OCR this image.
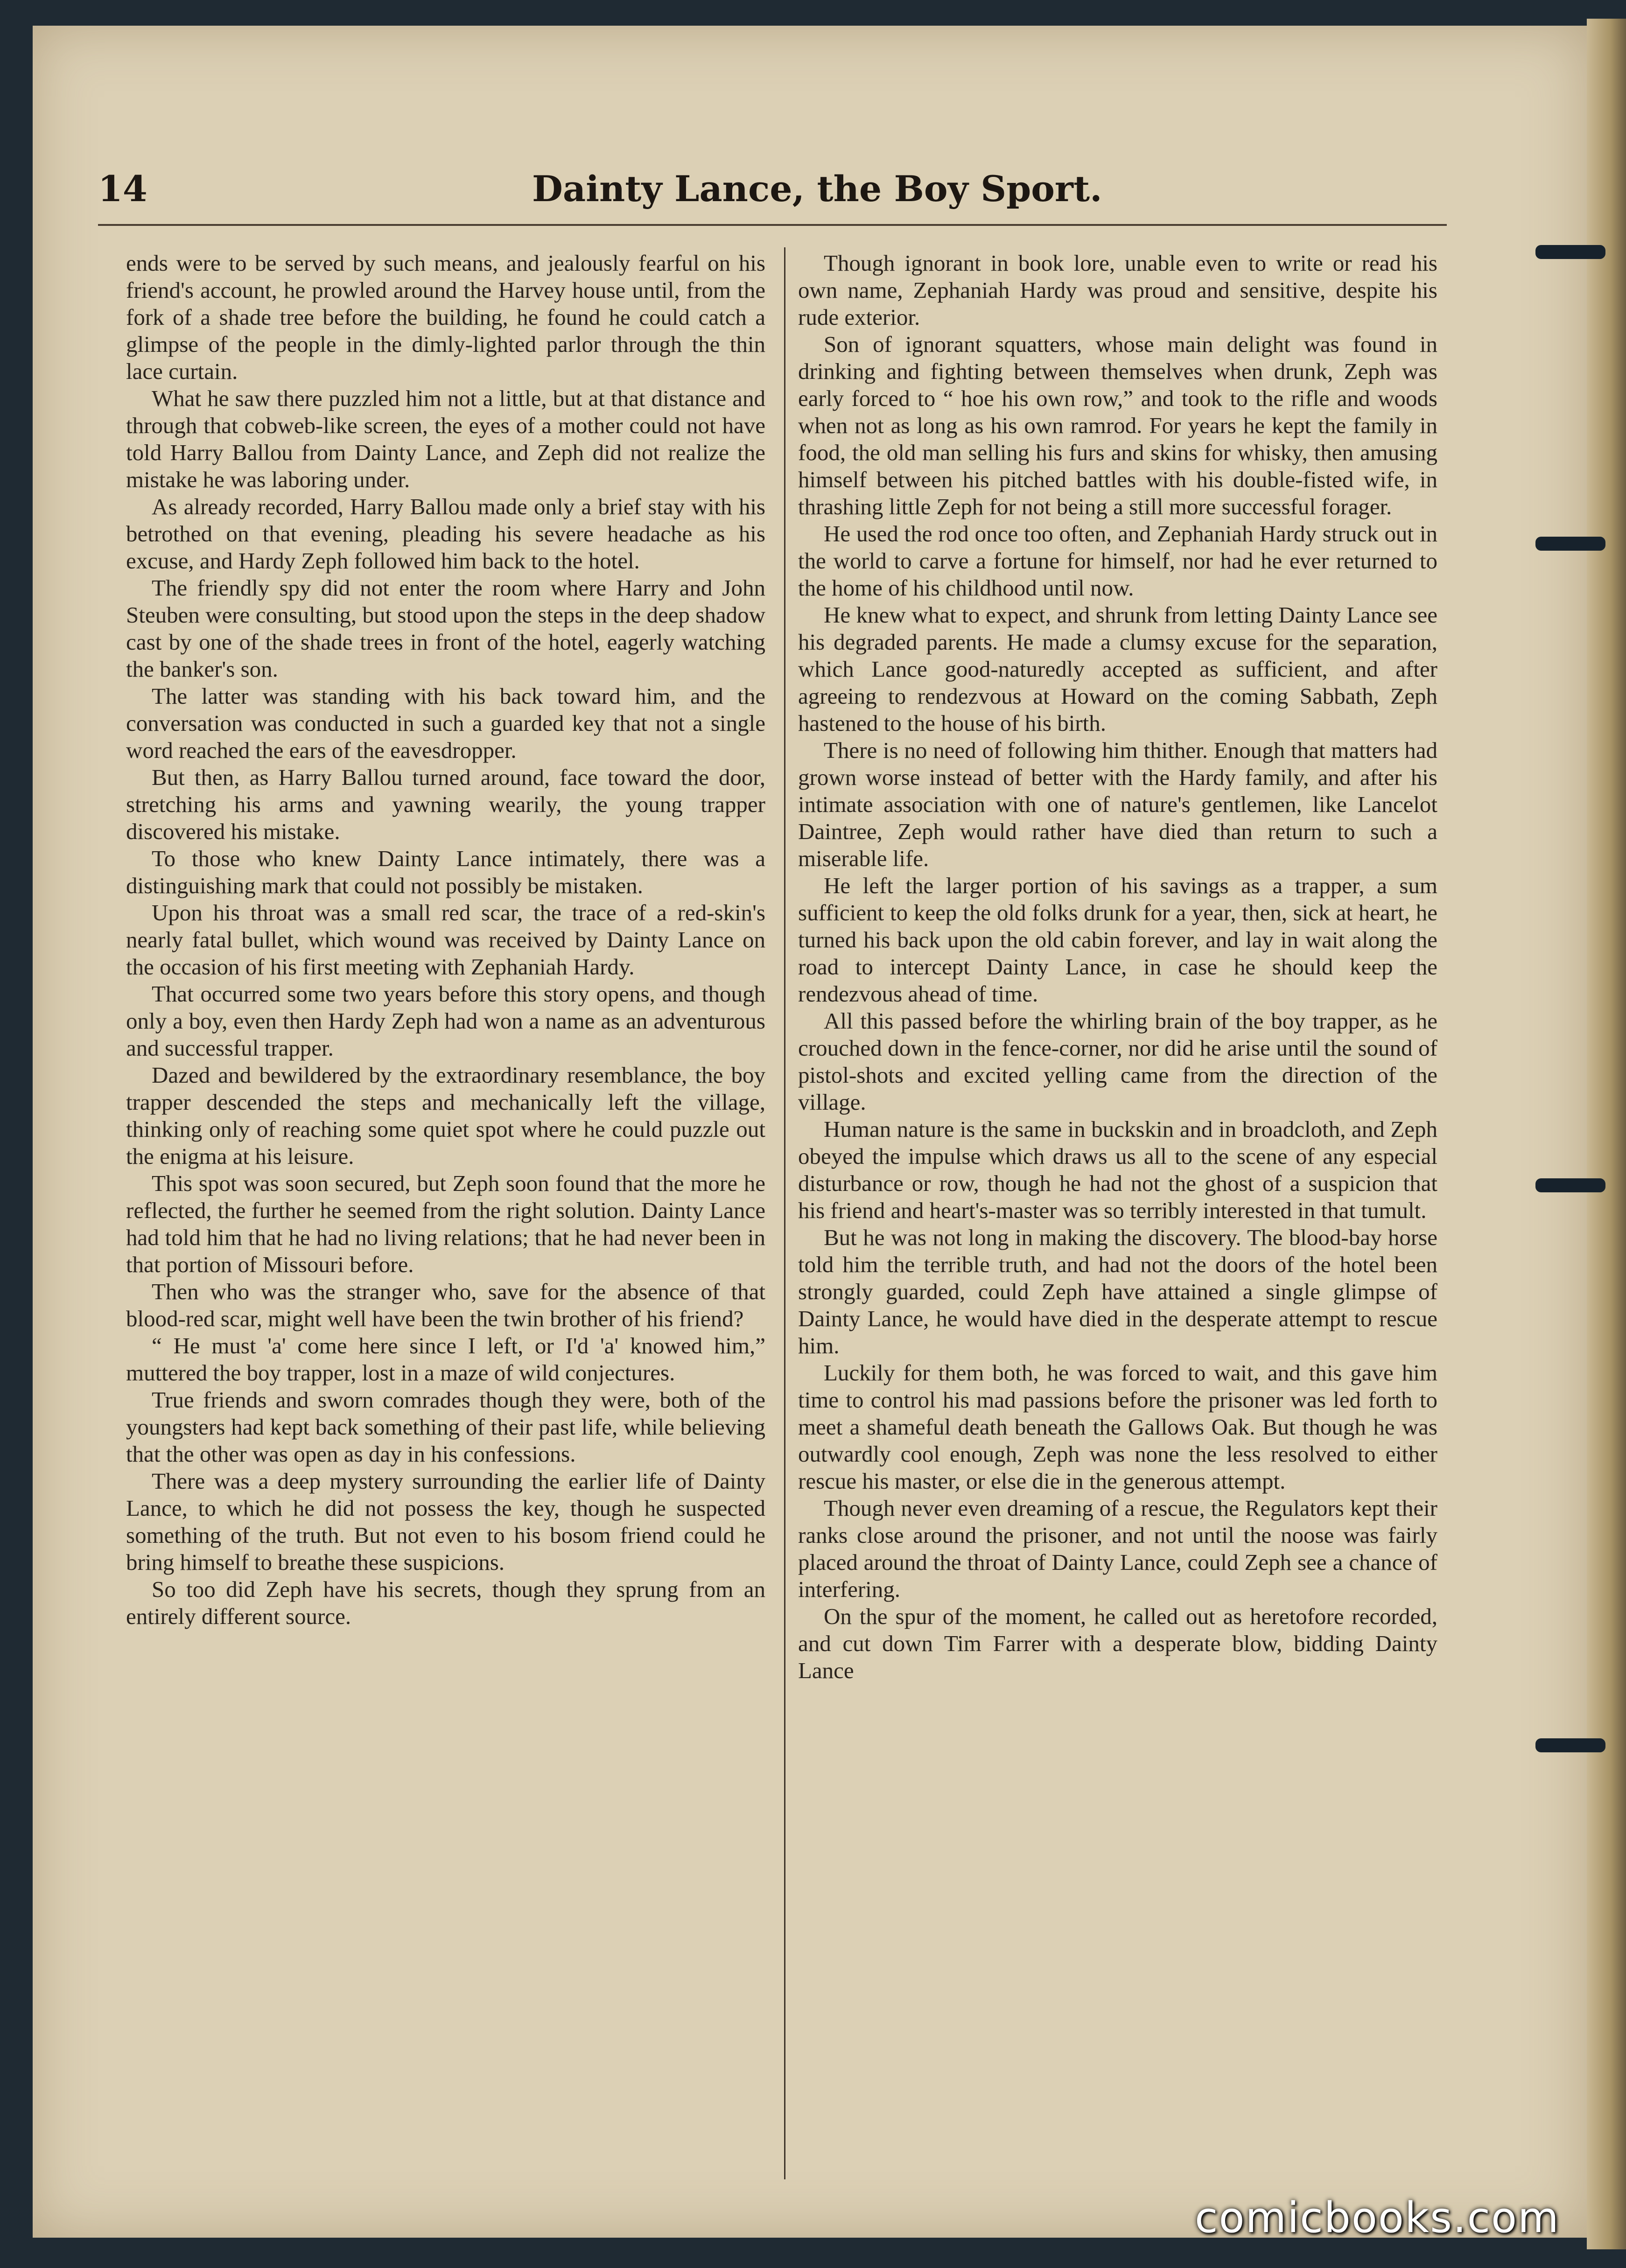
14	Dainty Lance, the Boy Sport.

ends were to be served by such means, and jealously fearful on his friend's account, he prowled around the Harvey house until, from the fork of a shade tree before the building, he found he could catch a glimpse of the people in the dimly-lighted parlor through the thin lace curtain.

What he saw there puzzled him not a little, but at that distance and through that cobweb-like screen, the eyes of a mother could not have told Harry Ballou from Dainty Lance, and Zeph did not realize the mistake he was laboring under.

As already recorded, Harry Ballou made only a brief stay with his betrothed on that evening, pleading his severe headache as his excuse, and Hardy Zeph followed him back to the hotel.

The friendly spy did not enter the room where Harry and John Steuben were consulting, but stood upon the steps in the deep shadow cast by one of the shade trees in front of the hotel, eagerly watching the banker's son.

The latter was standing with his back toward him, and the conversation was conducted in such a guarded key that not a single word reached the ears of the eavesdropper.

But then, as Harry Ballou turned around, face toward the door, stretching his arms and yawning wearily, the young trapper discovered his mistake.

To those who knew Dainty Lance intimately, there was a distinguishing mark that could not possibly be mistaken.

Upon his throat was a small red scar, the trace of a red-skin's nearly fatal bullet, which wound was received by Dainty Lance on the occasion of his first meeting with Zephaniah Hardy.

That occurred some two years before this story opens, and though only a boy, even then Hardy Zeph had won a name as an adventurous and successful trapper.

Dazed and bewildered by the extraordinary resemblance, the boy trapper descended the steps and mechanically left the village, thinking only of reaching some quiet spot where he could puzzle out the enigma at his leisure.

This spot was soon secured, but Zeph soon found that the more he reflected, the further he seemed from the right solution. Dainty Lance had told him that he had no living relations; that he had never been in that portion of Missouri before.

Then who was the stranger who, save for the absence of that blood-red scar, might well have been the twin brother of his friend?

“ He must 'a' come here since I left, or I'd 'a' knowed him,” muttered the boy trapper, lost in a maze of wild conjectures.

True friends and sworn comrades though they were, both of the youngsters had kept back something of their past life, while believing that the other was open as day in his confessions.

There was a deep mystery surrounding the earlier life of Dainty Lance, to which he did not possess the key, though he suspected something of the truth. But not even to his bosom friend could he bring himself to breathe these suspicions.

So too did Zeph have his secrets, though they sprung from an entirely different source.

Though ignorant in book lore, unable even to write or read his own name, Zephaniah Hardy was proud and sensitive, despite his rude exterior.

Son of ignorant squatters, whose main delight was found in drinking and fighting between themselves when drunk, Zeph was early forced to “ hoe his own row,” and took to the rifle and woods when not as long as his own ramrod. For years he kept the family in food, the old man selling his furs and skins for whisky, then amusing himself between his pitched battles with his double-fisted wife, in thrashing little Zeph for not being a still more successful forager.

He used the rod once too often, and Zephaniah Hardy struck out in the world to carve a fortune for himself, nor had he ever returned to the home of his childhood until now.

He knew what to expect, and shrunk from letting Dainty Lance see his degraded parents. He made a clumsy excuse for the separation, which Lance good-naturedly accepted as sufficient, and after agreeing to rendezvous at Howard on the coming Sabbath, Zeph hastened to the house of his birth.

There is no need of following him thither. Enough that matters had grown worse instead of better with the Hardy family, and after his intimate association with one of nature's gentlemen, like Lancelot Daintree, Zeph would rather have died than return to such a miserable life.

He left the larger portion of his savings as a trapper, a sum sufficient to keep the old folks drunk for a year, then, sick at heart, he turned his back upon the old cabin forever, and lay in wait along the road to intercept Dainty Lance, in case he should keep the rendezvous ahead of time.

All this passed before the whirling brain of the boy trapper, as he crouched down in the fence-corner, nor did he arise until the sound of pistol-shots and excited yelling came from the direction of the village.

Human nature is the same in buckskin and in broadcloth, and Zeph obeyed the impulse which draws us all to the scene of any especial disturbance or row, though he had not the ghost of a suspicion that his friend and heart's-master was so terribly interested in that tumult.

But he was not long in making the discovery. The blood-bay horse told him the terrible truth, and had not the doors of the hotel been strongly guarded, could Zeph have attained a single glimpse of Dainty Lance, he would have died in the desperate attempt to rescue him.

Luckily for them both, he was forced to wait, and this gave him time to control his mad passions before the prisoner was led forth to meet a shameful death beneath the Gallows Oak. But though he was outwardly cool enough, Zeph was none the less resolved to either rescue his master, or else die in the generous attempt.

Though never even dreaming of a rescue, the Regulators kept their ranks close around the prisoner, and not until the noose was fairly placed around the throat of Dainty Lance, could Zeph see a chance of interfering.

On the spur of the moment, he called out as heretofore recorded, and cut down Tim Farrer with a desperate blow, bidding Dainty Lance

comicbooks.com
